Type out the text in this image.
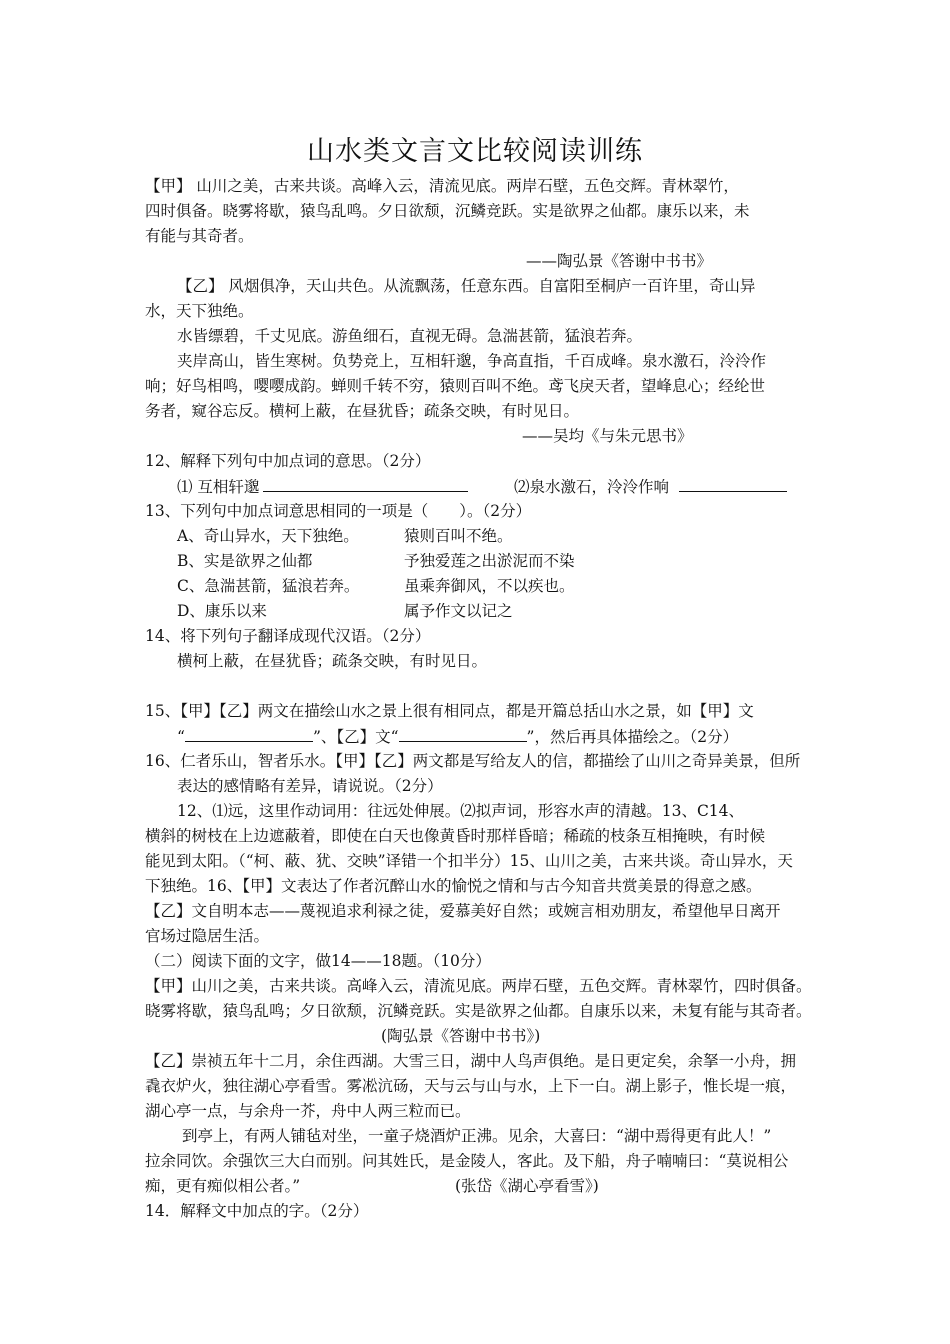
山水类文言文比较阅读训练
【甲】 山川之美，古来共谈。高峰入云，清流见底。两岸石壁，五色交辉。青林翠竹，
四时俱备。晓雾将歇，猿鸟乱鸣。夕日欲颓，沉鳞竞跃。实是欲界之仙都。康乐以来，未
有能与其奇者。
——陶弘景《答谢中书书》
【乙】 风烟俱净，天山共色。从流飘荡，任意东西。自富阳至桐庐一百许里，奇山异
水，天下独绝。
水皆缥碧，千丈见底。游鱼细石，直视无碍。急湍甚箭，猛浪若奔。
夹岸高山，皆生寒树。负势竞上，互相轩邈，争高直指，千百成峰。泉水激石，泠泠作
响；好鸟相鸣，嘤嘤成韵。蝉则千转不穷，猿则百叫不绝。鸢飞戾天者，望峰息心；经纶世
务者，窥谷忘反。横柯上蔽，在昼犹昏；疏条交映，有时见日。
——吴均《与朱元思书》
12、解释下列句中加点词的意思。（2分）
⑴ 互相轩邈	⑵泉水激石，泠泠作响
13、下列句中加点词意思相同的一项是（　　）。（2分）
A、奇山异水，天下独绝。	猿则百叫不绝。
B、实是欲界之仙都	予独爱莲之出淤泥而不染
C、急湍甚箭，猛浪若奔。	虽乘奔御风，不以疾也。
D、康乐以来	属予作文以记之
14、将下列句子翻译成现代汉语。（2分）
横柯上蔽，在昼犹昏；疏条交映，有时见日。
15、【甲】【乙】两文在描绘山水之景上很有相同点，都是开篇总括山水之景，如【甲】文
“	”、【乙】文“	”，然后再具体描绘之。（2分）
16、仁者乐山，智者乐水。【甲】【乙】两文都是写给友人的信，都描绘了山川之奇异美景，但所
表达的感情略有差异，请说说。（2分）
12、⑴远，这里作动词用：往远处伸展。⑵拟声词，形容水声的清越。13、C14、
横斜的树枝在上边遮蔽着，即使在白天也像黄昏时那样昏暗；稀疏的枝条互相掩映，有时候
能见到太阳。（“柯、蔽、犹、交映”译错一个扣半分）15、山川之美，古来共谈。奇山异水，天
下独绝。16、【甲】文表达了作者沉醉山水的愉悦之情和与古今知音共赏美景的得意之感。
【乙】文自明本志——蔑视追求利禄之徒，爱慕美好自然；或婉言相劝朋友，希望他早日离开
官场过隐居生活。
（二）阅读下面的文字，做14——18题。（10分）
【甲】山川之美，古来共谈。高峰入云，清流见底。两岸石壁，五色交辉。青林翠竹，四时俱备。
晓雾将歇，猿鸟乱鸣；夕日欲颓，沉鳞竞跃。实是欲界之仙都。自康乐以来，未复有能与其奇者。
(陶弘景《答谢中书书》)
【乙】崇祯五年十二月，余住西湖。大雪三日，湖中人鸟声俱绝。是日更定矣，余拏一小舟，拥
毳衣炉火，独往湖心亭看雪。雾凇沆砀，天与云与山与水，上下一白。湖上影子，惟长堤一痕，
湖心亭一点，与余舟一芥，舟中人两三粒而已。
到亭上，有两人铺毡对坐，一童子烧酒炉正沸。见余，大喜曰：“湖中焉得更有此人！”
拉余同饮。余强饮三大白而别。问其姓氏，是金陵人，客此。及下船，舟子喃喃曰：“莫说相公
痴，更有痴似相公者。”	(张岱《湖心亭看雪》)
14．解释文中加点的字。（2分）
